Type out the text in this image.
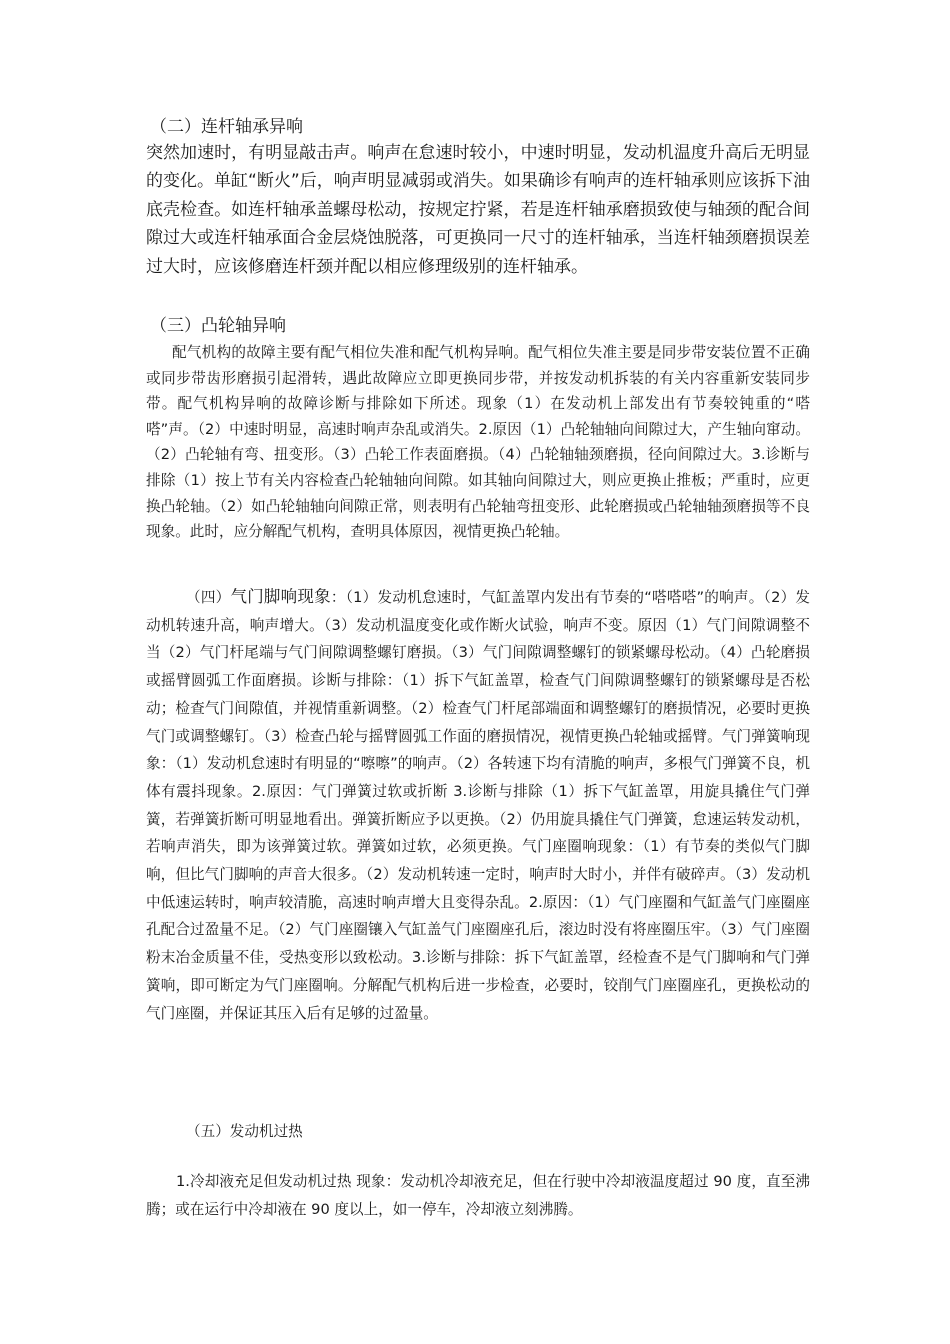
（二）连杆轴承异响
突然加速时，有明显敲击声。响声在怠速时较小，中速时明显，发动机温度升高后无明显的变化。单缸“断火”后，响声明显减弱或消失。如果确诊有响声的连杆轴承则应该拆下油底壳检查。如连杆轴承盖螺母松动，按规定拧紧，若是连杆轴承磨损致使与轴颈的配合间隙过大或连杆轴承面合金层烧蚀脱落，可更换同一尺寸的连杆轴承，当连杆轴颈磨损误差过大时，应该修磨连杆颈并配以相应修理级别的连杆轴承。
（三）凸轮轴异响
配气机构的故障主要有配气相位失准和配气机构异响。配气相位失准主要是同步带安装位置不正确或同步带齿形磨损引起滑转，遇此故障应立即更换同步带，并按发动机拆装的有关内容重新安装同步带。配气机构异响的故障诊断与排除如下所述。现象（1）在发动机上部发出有节奏较钝重的“嗒嗒”声。（2）中速时明显，高速时响声杂乱或消失。2.原因（1）凸轮轴轴向间隙过大，产生轴向窜动。（2）凸轮轴有弯、扭变形。（3）凸轮工作表面磨损。（4）凸轮轴轴颈磨损，径向间隙过大。3.诊断与排除（1）按上节有关内容检查凸轮轴轴向间隙。如其轴向间隙过大，则应更换止推板；严重时，应更换凸轮轴。（2）如凸轮轴轴向间隙正常，则表明有凸轮轴弯扭变形、此轮磨损或凸轮轴轴颈磨损等不良现象。此时，应分解配气机构，查明具体原因，视情更换凸轮轴。
（四）气门脚响现象：（1）发动机怠速时，气缸盖罩内发出有节奏的“嗒嗒嗒”的响声。（2）发动机转速升高，响声增大。（3）发动机温度变化或作断火试验，响声不变。原因（1）气门间隙调整不当（2）气门杆尾端与气门间隙调整螺钉磨损。（3）气门间隙调整螺钉的锁紧螺母松动。（4）凸轮磨损或摇臂圆弧工作面磨损。诊断与排除：（1）拆下气缸盖罩，检查气门间隙调整螺钉的锁紧螺母是否松动；检查气门间隙值，并视情重新调整。（2）检查气门杆尾部端面和调整螺钉的磨损情况，必要时更换气门或调整螺钉。（3）检查凸轮与摇臂圆弧工作面的磨损情况，视情更换凸轮轴或摇臂。气门弹簧响现象：（1）发动机怠速时有明显的“嚓嚓”的响声。（2）各转速下均有清脆的响声，多根气门弹簧不良，机体有震抖现象。2.原因：气门弹簧过软或折断 3.诊断与排除（1）拆下气缸盖罩，用旋具撬住气门弹簧，若弹簧折断可明显地看出。弹簧折断应予以更换。（2）仍用旋具撬住气门弹簧，怠速运转发动机，若响声消失，即为该弹簧过软。弹簧如过软，必须更换。气门座圈响现象：（1）有节奏的类似气门脚响，但比气门脚响的声音大很多。（2）发动机转速一定时，响声时大时小，并伴有破碎声。（3）发动机中低速运转时，响声较清脆，高速时响声增大且变得杂乱。2.原因：（1）气门座圈和气缸盖气门座圈座孔配合过盈量不足。（2）气门座圈镶入气缸盖气门座圈座孔后，滚边时没有将座圈压牢。（3）气门座圈粉末冶金质量不佳，受热变形以致松动。3.诊断与排除：拆下气缸盖罩，经检查不是气门脚响和气门弹簧响，即可断定为气门座圈响。分解配气机构后进一步检查，必要时，铰削气门座圈座孔，更换松动的气门座圈，并保证其压入后有足够的过盈量。
（五）发动机过热
1.冷却液充足但发动机过热 现象：发动机冷却液充足，但在行驶中冷却液温度超过 90 度，直至沸腾；或在运行中冷却液在 90 度以上，如一停车，冷却液立刻沸腾。
